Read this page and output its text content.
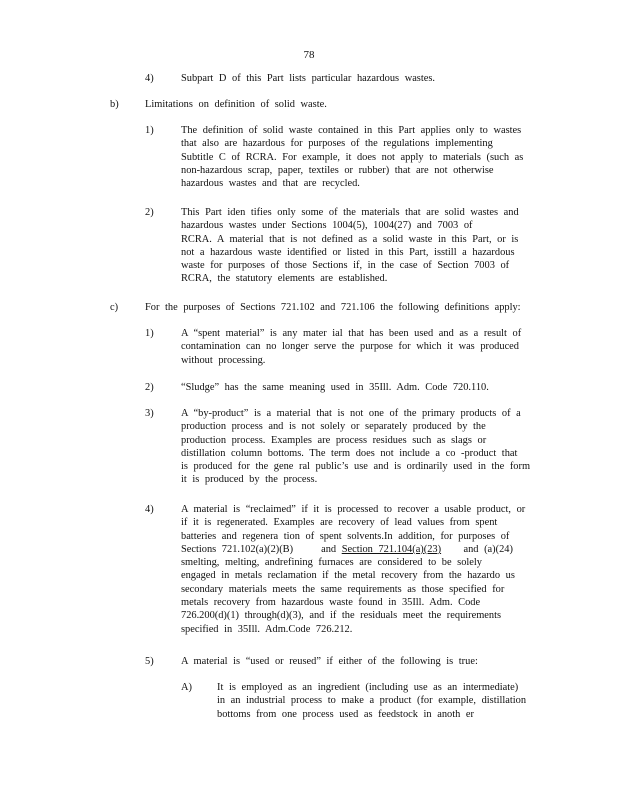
78
4)	Subpart D of this Part lists particular hazardous wastes.
b)	Limitations on definition of solid waste.
1)	The definition of solid waste contained in this Part applies only to wastes
that also are hazardous for purposes of the regulations implementing
Subtitle C of RCRA. For example, it does not apply to materials (such as
non-hazardous scrap, paper, textiles or rubber) that are not otherwise
hazardous wastes and that are recycled.
2)	This Part iden tifies only some of the materials that are solid wastes and
hazardous wastes under Sections 1004(5), 1004(27) and 7003 of
RCRA. A material that is not defined as a solid waste in this Part, or is
not a hazardous waste identified or listed in this Part, isstill a hazardous
waste for purposes of those Sections if, in the case of Section 7003 of
RCRA, the statutory elements are established.
c)	For the purposes of Sections 721.102 and 721.106 the following definitions apply:
1)	A “spent material” is any mater ial that has been used and as a result of
contamination can no longer serve the purpose for which it was produced
without processing.
2)	“Sludge” has the same meaning used in 35Ill. Adm. Code 720.110.
3)	A “by-product” is a material that is not one of the primary products of a
production process and is not solely or separately produced by the
production process. Examples are process residues such as slags or
distillation column bottoms. The term does not include a co -product that
is produced for the gene ral public’s use and is ordinarily used in the form
it is produced by the process.
4)	A material is “reclaimed” if it is processed to recover a usable product, or
if it is regenerated. Examples are recovery of lead values from spent
batteries and regenera tion of spent solvents.In addition, for purposes of
Sections 721.102(a)(2)(B)	and Section 721.104(a)(23) and (a)(24)
smelting, melting, andrefining furnaces are considered to be solely
engaged in metals reclamation if the metal recovery from the hazardo us
secondary materials meets the same requirements as those specified for
metals recovery from hazardous waste found in 35Ill. Adm. Code
726.200(d)(1) through(d)(3), and if the residuals meet the requirements
specified in 35Ill. Adm.Code 726.212.
5)	A material is “used or reused” if either of the following is true:
A) It is employed as an ingredient (including use as an intermediate)
in an industrial process to make a product (for example, distillation
bottoms from one process used as feedstock in anoth er
